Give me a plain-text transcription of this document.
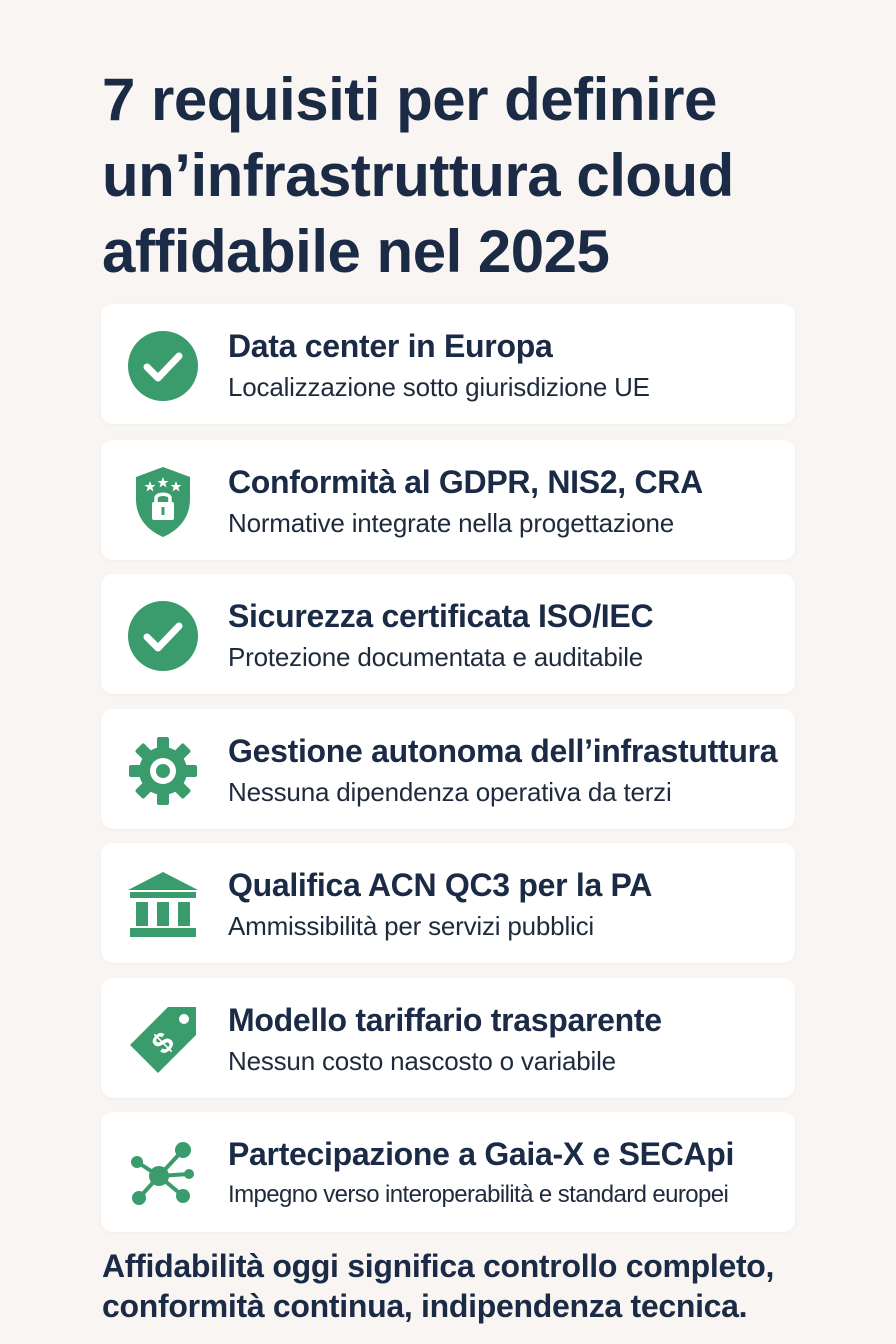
7 requisiti per definire
un’infrastruttura cloud
affidabile nel 2025
Data center in Europa
Localizzazione sotto giurisdizione UE
Conformità al GDPR, NIS2, CRA
Normative integrate nella progettazione
Sicurezza certificata ISO/IEC
Protezione documentata e auditabile
Gestione autonoma dell’infrastuttura
Nessuna dipendenza operativa da terzi
Qualifica ACN QC3 per la PA
Ammissibilità per servizi pubblici
$
Modello tariffario trasparente
Nessun costo nascosto o variabile
Partecipazione a Gaia-X e SECApi
Impegno verso interoperabilità e standard europei

Affidabilità oggi significa controllo completo,
conformità continua, indipendenza tecnica.
